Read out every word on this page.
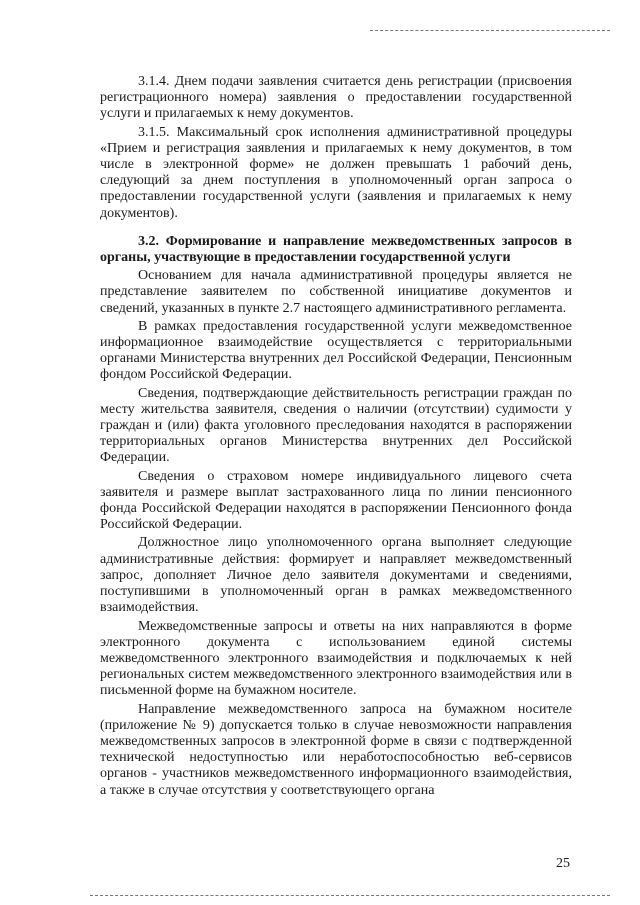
3.1.4. Днем подачи заявления считается день регистрации (присвоения регистрационного номера) заявления о предоставлении государственной услуги и прилагаемых к нему документов.

3.1.5. Максимальный срок исполнения административной процедуры «Прием и регистрация заявления и прилагаемых к нему документов, в том числе в электронной форме» не должен превышать 1 рабочий день, следующий за днем поступления в уполномоченный орган запроса о предоставлении государственной услуги (заявления и прилагаемых к нему документов).

3.2. Формирование и направление межведомственных запросов в органы, участвующие в предоставлении государственной услуги

Основанием для начала административной процедуры является не представление заявителем по собственной инициативе документов и сведений, указанных в пункте 2.7 настоящего административного регламента.

В рамках предоставления государственной услуги межведомственное информационное взаимодействие осуществляется с территориальными органами Министерства внутренних дел Российской Федерации, Пенсионным фондом Российской Федерации.

Сведения, подтверждающие действительность регистрации граждан по месту жительства заявителя, сведения о наличии (отсутствии) судимости у граждан и (или) факта уголовного преследования находятся в распоряжении территориальных органов Министерства внутренних дел Российской Федерации.

Сведения о страховом номере индивидуального лицевого счета заявителя и размере выплат застрахованного лица по линии пенсионного фонда Российской Федерации находятся в распоряжении Пенсионного фонда Российской Федерации.

Должностное лицо уполномоченного органа выполняет следующие административные действия: формирует и направляет межведомственный запрос, дополняет Личное дело заявителя документами и сведениями, поступившими в уполномоченный орган в рамках межведомственного взаимодействия.

Межведомственные запросы и ответы на них направляются в форме электронного документа с использованием единой системы межведомственного электронного взаимодействия и подключаемых к ней региональных систем межведомственного электронного взаимодействия или в письменной форме на бумажном носителе.

Направление межведомственного запроса на бумажном носителе (приложение № 9) допускается только в случае невозможности направления межведомственных запросов в электронной форме в связи с подтвержденной технической недоступностью или неработоспособностью веб-сервисов органов - участников межведомственного информационного взаимодействия, а также в случае отсутствия у соответствующего органа

25
